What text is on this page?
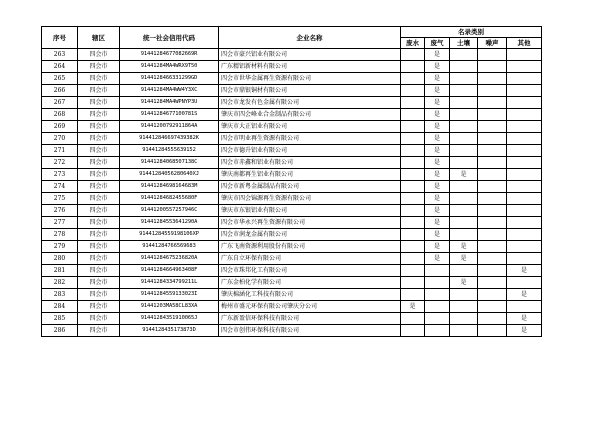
序号	辖区	统一社会信用代码	企业名称	名录类别				
				废水	废气	土壤	噪声	其他
263	四会市	91441284677082669R	四会市豪兴铝业有限公司		是			
264	四会市	91441284MA4WRX9T50	广东精铝新材料有限公司		是			
265	四会市	9144128466331299GD	四会市世华金属再生资源有限公司		是			
266	四会市	91441284MA4WW4Y3XC	四会市鼎银铜材有限公司		是			
267	四会市	91441284MA4WPNYP3U	四会市龙发有色金属有限公司		是			
268	四会市	91441284677100781S	肇庆市四会峰业合金制品有限公司		是			
269	四会市	91441200792911864A	肇庆市大正铝业有限公司		是			
270	四会市	914412846697439382K	四会市明业再生资源有限公司		是			
271	四会市	91441284555639152	四会市德升铝业有限公司		是			
272	四会市	91441284068507138C	四会市赤鑫和铝业有限公司		是			
273	四会市	91441284056280640XJ	肇庆南都再生铝业有限公司		是	是		
274	四会市	91441284698164683M	四会市新粤金属制品有限公司		是			
275	四会市	91441284682455680F	肇庆市四会锦源再生资源有限公司		是			
276	四会市	91441200557257946C	肇庆市东银铝业有限公司		是			
277	四会市	91441284553641290A	四会市华永兴再生资源有限公司		是			
278	四会市	91441284559198106XP	四会市润龙金属有限公司		是			
279	四会市	91441284766569683	广东飞南资源利用股份有限公司		是	是		
280	四会市	91441284675236820A	广东自立环保有限公司		是	是		
281	四会市	91441284664963408F	四会市珠邦化工有限公司					是
282	四会市	91441284334799211L	广东金柏化学有限公司			是		
283	四会市	91441284559133023I	肇庆棉涵化工科技有限公司					是
284	四会市	91441203MA58CL83XA	梅州市盛元环保有限公司肇庆分公司	是				
285	四会市	91441284351910065J	广东新盈信环保科技有限公司					是
286	四会市	9144128435173873D	四会市创伟环保科技有限公司					是
